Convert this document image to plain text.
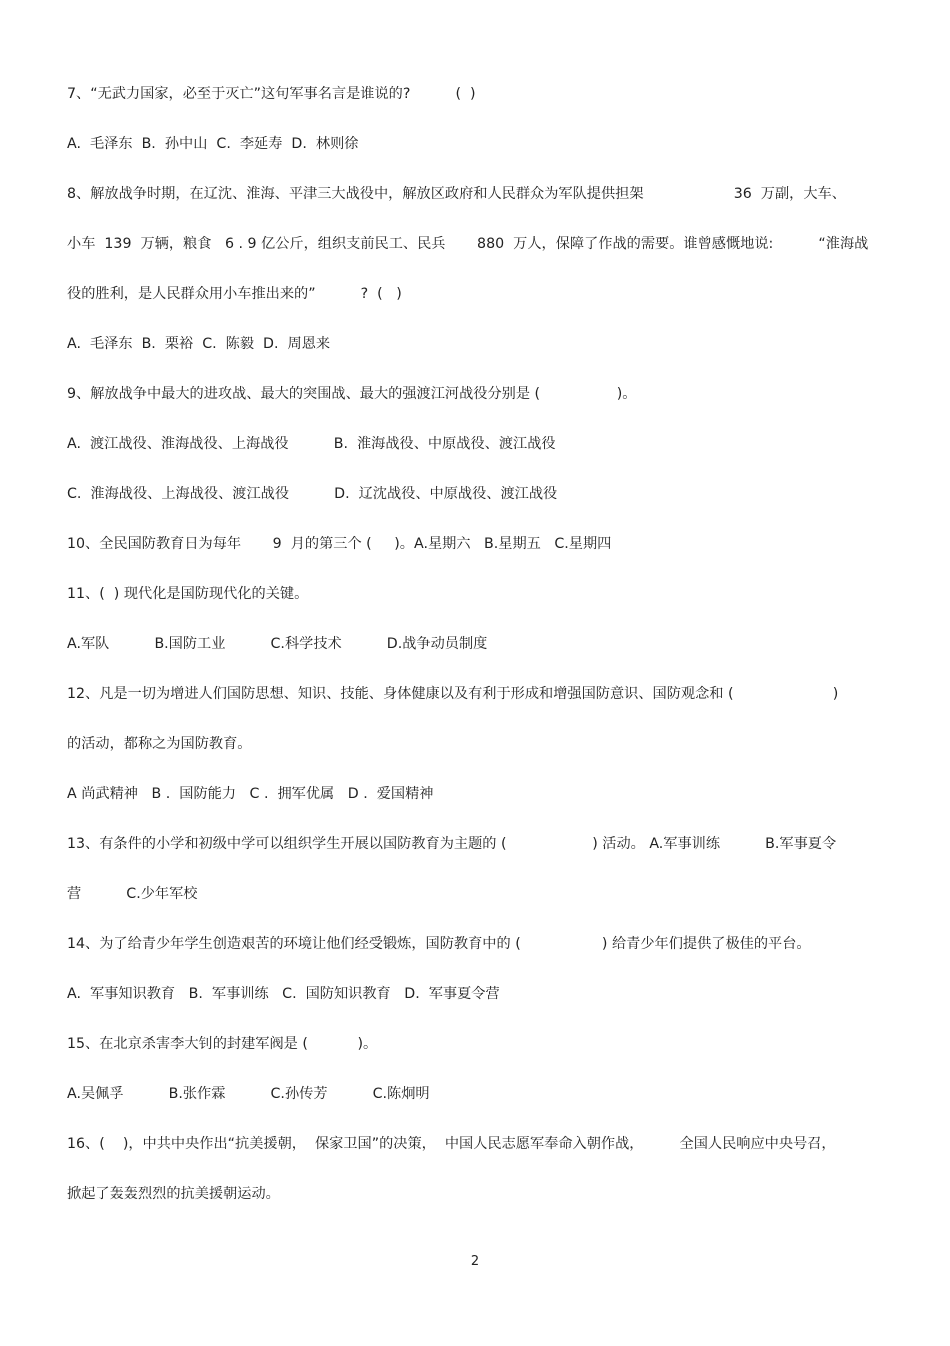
7、“无武力国家，必至于灭亡”这句军事名言是谁说的?          (  )
A.  毛泽东  B.  孙中山  C.  李延寿  D.  林则徐
8、解放战争时期，在辽沈、淮海、平津三大战役中，解放区政府和人民群众为军队提供担架                    36  万副，大车、
小车  139  万辆，粮食   6 . 9 亿公斤，组织支前民工、民兵       880  万人，保障了作战的需要。谁曾感慨地说:          “淮海战
役的胜利，是人民群众用小车推出来的”          ?  (   )
A.  毛泽东  B.  栗裕  C.  陈毅  D.  周恩来
9、解放战争中最大的进攻战、最大的突围战、最大的强渡江河战役分别是 (                 )。
A.  渡江战役、淮海战役、上海战役          B.  淮海战役、中原战役、渡江战役
C.  淮海战役、上海战役、渡江战役          D.  辽沈战役、中原战役、渡江战役
10、全民国防教育日为每年       9  月的第三个 (     )。A.星期六   B.星期五   C.星期四
11、(  ) 现代化是国防现代化的关键。
A.军队          B.国防工业          C.科学技术          D.战争动员制度
12、凡是一切为增进人们国防思想、知识、技能、身体健康以及有利于形成和增强国防意识、国防观念和 (                      )
的活动，都称之为国防教育。
A 尚武精神   B .  国防能力   C .  拥军优属   D .  爱国精神
13、有条件的小学和初级中学可以组织学生开展以国防教育为主题的 (                   ) 活动。 A.军事训练          B.军事夏令
营          C.少年军校
14、为了给青少年学生创造艰苦的环境让他们经受锻炼，国防教育中的 (                  ) 给青少年们提供了极佳的平台。
A.  军事知识教育   B.  军事训练   C.  国防知识教育   D.  军事夏令营
15、在北京杀害李大钊的封建军阀是 (           )。
A.吴佩孚          B.张作霖          C.孙传芳          C.陈炯明
16、(    )，中共中央作出“抗美援朝，  保家卫国”的决策，  中国人民志愿军奉命入朝作战，        全国人民响应中央号召，
掀起了轰轰烈烈的抗美援朝运动。
2
